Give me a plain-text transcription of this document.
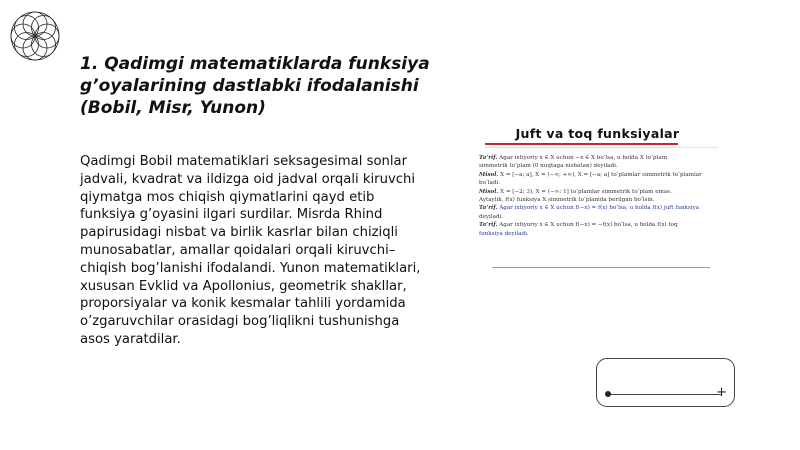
1. Qadimgi matematiklarda funksiya g’oyalarining dastlabki ifodalanishi (Bobil, Misr, Yunon)

Qadimgi Bobil matematiklari seksagesimal sonlar jadvali, kvadrat va ildizga oid jadval orqali kiruvchi qiymatga mos chiqish qiymatlarini qayd etib funksiya g’oyasini ilgari surdilar. Misrda Rhind papirusidagi nisbat va birlik kasrlar bilan chiziqli munosabatlar, amallar qoidalari orqali kiruvchi–chiqish bog’lanishi ifodalandi. Yunon matematiklari, xususan Evklid va Apollonius, geometrik shakllar, proporsiyalar va konik kesmalar tahlili yordamida o’zgaruvchilar orasidagi bog’liqlikni tushunishga asos yaratdilar.

Juft va toq funksiyalar
Ta’rif. Agar ixtiyoriy x ∈ X uchun −x ∈ X bo‘lsa, u holda X to‘plam
simmetrik to‘plam (0 nuqtaga nisbatan) deyiladi.
Misol. X = [−a; a], X = (−∞; +∞), X = [−a; a] to‘plamlar simmetrik to‘plamlar bo‘ladi.
Misol. X = [−2; 3), X = (−∞; 1] to‘plamlar simmetrik to‘plam emas.
Aytaylik, f(x) funksiya X simmetrik to‘plamda berilgan bo‘lsin.
Ta’rif. Agar ixtiyoriy x ∈ X uchun f(−x) = f(x) bo‘lsa, u holda f(x) juft funksiya
deyiladi.
Ta’rif. Agar ixtiyoriy x ∈ X uchun f(−x) = −f(x) bo‘lsa, u holda f(x) toq
funksiya deyiladi.
+
